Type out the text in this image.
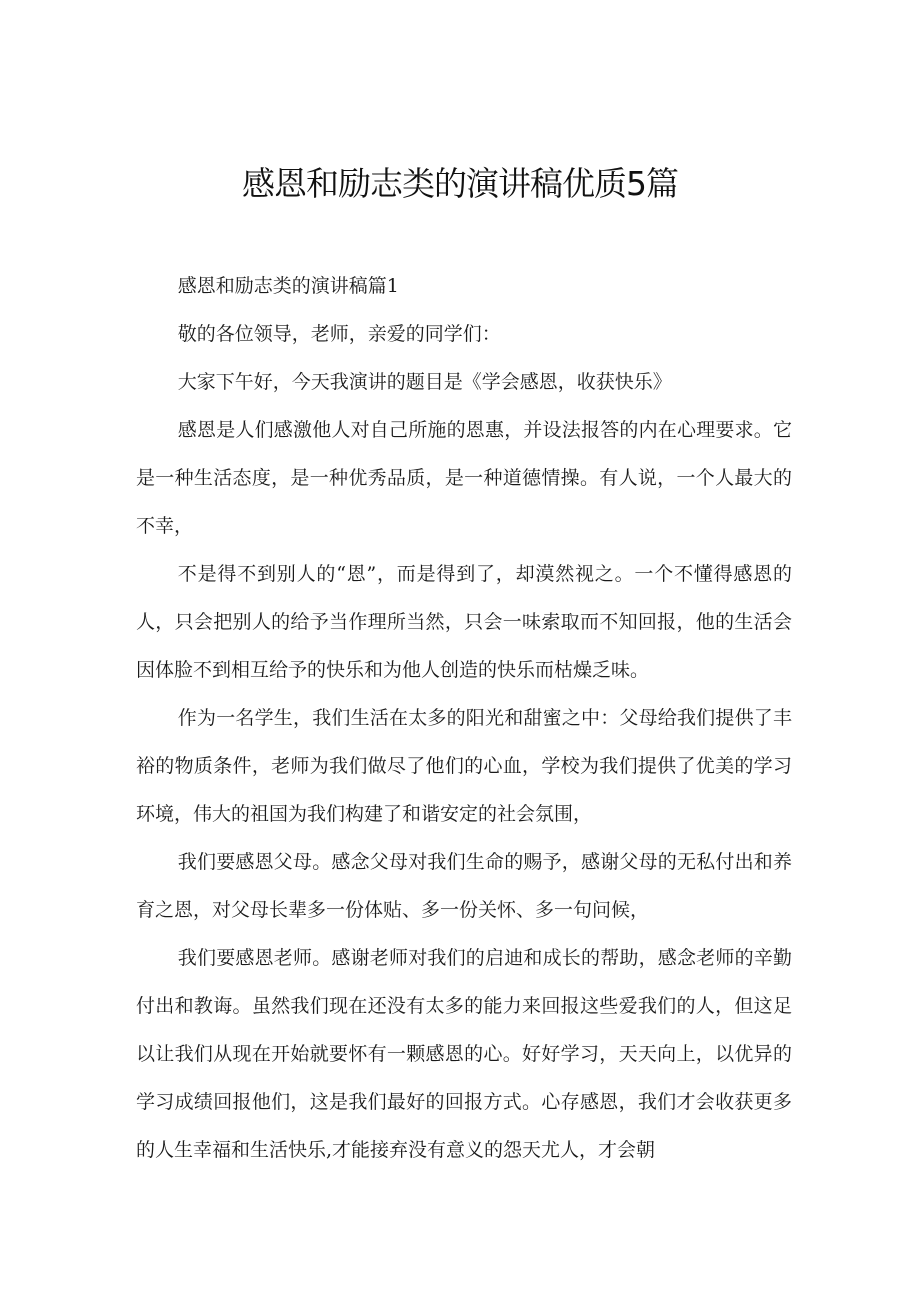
感恩和励志类的演讲稿优质5篇

感恩和励志类的演讲稿篇1

敬的各位领导，老师，亲爱的同学们：

大家下午好，今天我演讲的题目是《学会感恩，收获快乐》

感恩是人们感激他人对自己所施的恩惠，并设法报答的内在心理要求。它是一种生活态度，是一种优秀品质，是一种道德情操。有人说，一个人最大的不幸，

不是得不到别人的“恩”，而是得到了，却漠然视之。一个不懂得感恩的人，只会把别人的给予当作理所当然，只会一味索取而不知回报，他的生活会因体脸不到相互给予的快乐和为他人创造的快乐而枯燥乏味。

作为一名学生，我们生活在太多的阳光和甜蜜之中：父母给我们提供了丰裕的物质条件，老师为我们做尽了他们的心血，学校为我们提供了优美的学习环境，伟大的祖国为我们构建了和谐安定的社会氛围，

我们要感恩父母。感念父母对我们生命的赐予，感谢父母的无私付出和养育之恩，对父母长辈多一份体贴、多一份关怀、多一句问候，

我们要感恩老师。感谢老师对我们的启迪和成长的帮助，感念老师的辛勤付出和教诲。虽然我们现在还没有太多的能力来回报这些爱我们的人，但这足以让我们从现在开始就要怀有一颗感恩的心。好好学习，天天向上，以优异的学习成绩回报他们，这是我们最好的回报方式。心存感恩，我们才会收获更多的人生幸福和生活快乐,才能接弃没有意义的怨天尤人，才会朝
